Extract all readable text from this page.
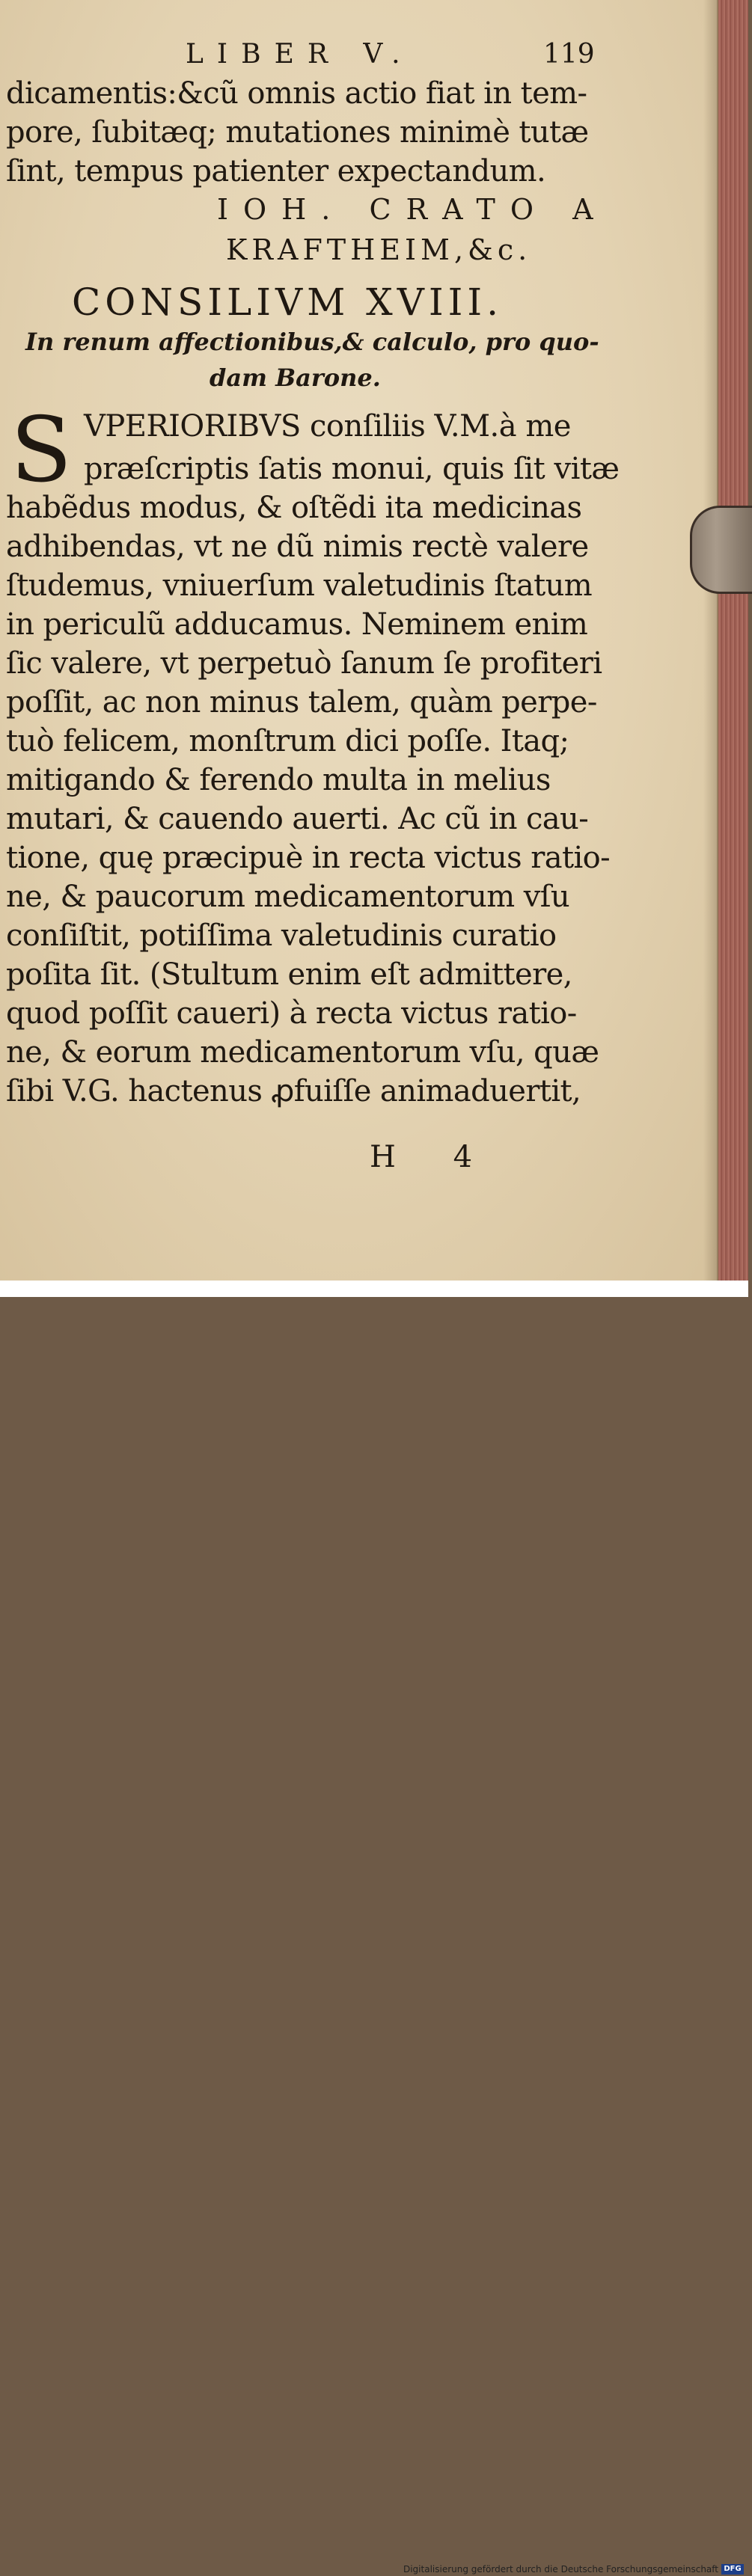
LIBER V.	119
dicamentis:&cũ omnis actio fiat in tem-
pore, ſubitæq; mutationes minimè tutæ
ſint, tempus patienter expectandum.
IOH. CRATO A
KRAFTHEIM,&c.
CONSILIVM XVIII.
In renum affectionibus,& calculo, pro quo-
dam Barone.
S VPERIORIBVS conſiliis V.M.à me
præſcriptis ſatis monui, quis ſit vitæ
habẽdus modus, & oſtẽdi ita medicinas
adhibendas, vt ne dũ nimis rectè valere
ſtudemus, vniuerſum valetudinis ſtatum
in periculũ adducamus. Neminem enim
ſic valere, vt perpetuò ſanum ſe profiteri
poſſit, ac non minus talem, quàm perpe-
tuò felicem, monſtrum dici poſſe. Itaq;
mitigando & ferendo multa in melius
mutari, & cauendo auerti. Ac cũ in cau-
tione, quę præcipuè in recta victus ratio-
ne, & paucorum medicamentorum vſu
conſiſtit, potiſſima valetudinis curatio
poſita ſit. (Stultum enim eſt admittere,
quod poſſit caueri) à recta victus ratio-
ne, & eorum medicamentorum vſu, quæ
ſibi V.G. hactenus ꝓfuiſſe animaduertit,
H 4
Digitalisierung gefördert durch die Deutsche Forschungsgemeinschaft DFG
